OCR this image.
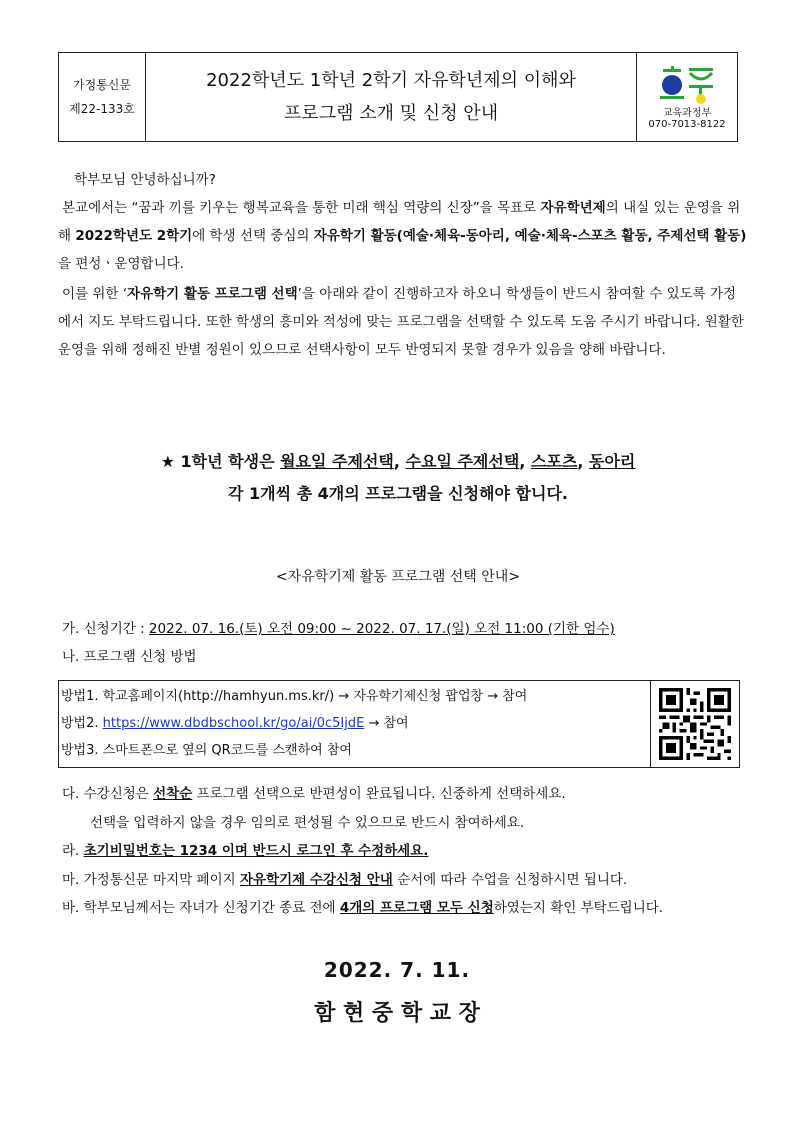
가정통신문
제22-133호
2022학년도 1학년 2학기 자유학년제의 이해와
프로그램 소개 및 신청 안내	교육과정부
070-7013-8122

학부모님 안녕하십니까?

본교에서는 “꿈과 끼를 키우는 행복교육을 통한 미래 핵심 역량의 신장”을 목표로 자유학년제의 내실 있는 운영을 위해 2022학년도 2학기에 학생 선택 중심의 자유학기 활동(예술·체육-동아리, 예술·체육-스포츠 활동, 주제선택 활동)을 편성ㆍ운영합니다.

이를 위한 ‘자유학기 활동 프로그램 선택’을 아래와 같이 진행하고자 하오니 학생들이 반드시 참여할 수 있도록 가정에서 지도 부탁드립니다. 또한 학생의 흥미와 적성에 맞는 프로그램을 선택할 수 있도록 도움 주시기 바랍니다. 원활한 운영을 위해 정해진 반별 정원이 있으므로 선택사항이 모두 반영되지 못할 경우가 있음을 양해 바랍니다.

★ 1학년 학생은 월요일 주제선택, 수요일 주제선택, 스포츠, 동아리
각 1개씩 총 4개의 프로그램을 신청해야 합니다.
<자유학기제 활동 프로그램 선택 안내>
가. 신청기간 : 2022. 07. 16.(토) 오전 09:00 ~ 2022. 07. 17.(일) 오전 11:00 (기한 엄수)
나. 프로그램 신청 방법
방법1. 학교홈페이지(http://hamhyun.ms.kr/) → 자유학기제신청 팝업창 → 참여
방법2. https://www.dbdbschool.kr/go/ai/0c5IjdE → 참여
방법3. 스마트폰으로 옆의 QR코드를 스캔하여 참여
다. 수강신청은 선착순 프로그램 선택으로 반편성이 완료됩니다. 신중하게 선택하세요.
선택을 입력하지 않을 경우 임의로 편성될 수 있으므로 반드시 참여하세요.
라. 초기비밀번호는 1234 이며 반드시 로그인 후 수정하세요.
마. 가정통신문 마지막 페이지 자유학기제 수강신청 안내 순서에 따라 수업을 신청하시면 됩니다.
바. 학부모님께서는 자녀가 신청기간 종료 전에 4개의 프로그램 모두 신청하였는지 확인 부탁드립니다.
2022. 7. 11.
함 현 중 학 교 장
